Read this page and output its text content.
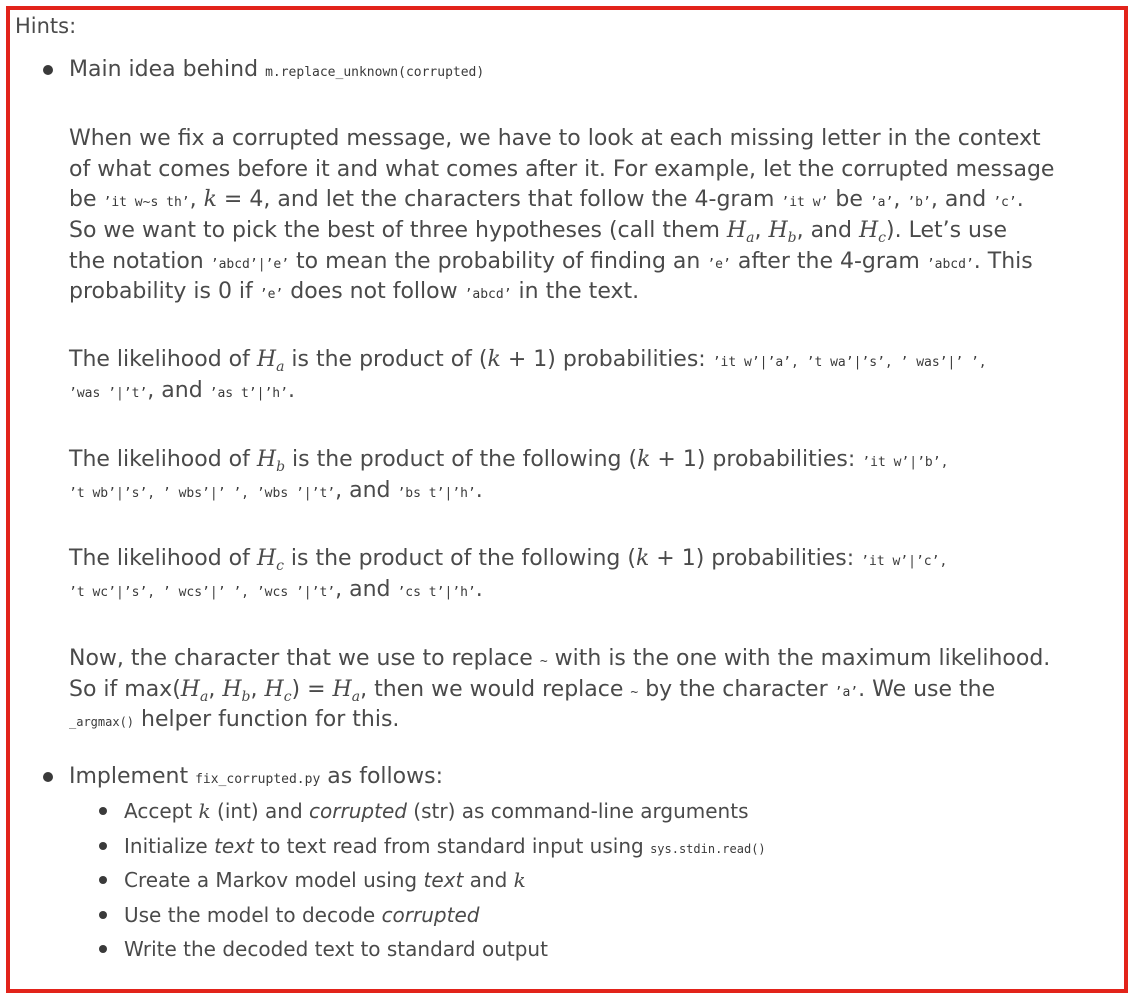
Hints:
Main idea behind m.replace_unknown(corrupted)
When we fix a corrupted message, we have to look at each missing letter in the context
of what comes before it and what comes after it. For example, let the corrupted message
be ’it w~s th’, k = 4, and let the characters that follow the 4-gram ’it w’ be ’a’, ’b’, and ’c’.
So we want to pick the best of three hypotheses (call them $H_a$, $H_b$, and $H_c$). Let’s use
the notation ’abcd’|’e’ to mean the probability of finding an ’e’ after the 4-gram ’abcd’. This
probability is 0 if ’e’ does not follow ’abcd’ in the text.
The likelihood of $H_a$ is the product of (k + 1) probabilities: ’it w’|’a’, ’t wa’|’s’, ’ was’|’ ’,
’was ’|’t’, and ’as t’|’h’.
The likelihood of $H_b$ is the product of the following (k + 1) probabilities: ’it w’|’b’,
’t wb’|’s’, ’ wbs’|’ ’, ’wbs ’|’t’, and ’bs t’|’h’.
The likelihood of $H_c$ is the product of the following (k + 1) probabilities: ’it w’|’c’,
’t wc’|’s’, ’ wcs’|’ ’, ’wcs ’|’t’, and ’cs t’|’h’.
Now, the character that we use to replace ~ with is the one with the maximum likelihood.
So if $\max(H_a$, $H_b$, $H_c) = H_a$, then we would replace ~ by the character ’a’. We use the
_argmax() helper function for this.
Implement fix_corrupted.py as follows:
Accept k (int) and corrupted (str) as command-line arguments
Initialize text to text read from standard input using sys.stdin.read()
Create a Markov model using text and k
Use the model to decode corrupted
Write the decoded text to standard output
